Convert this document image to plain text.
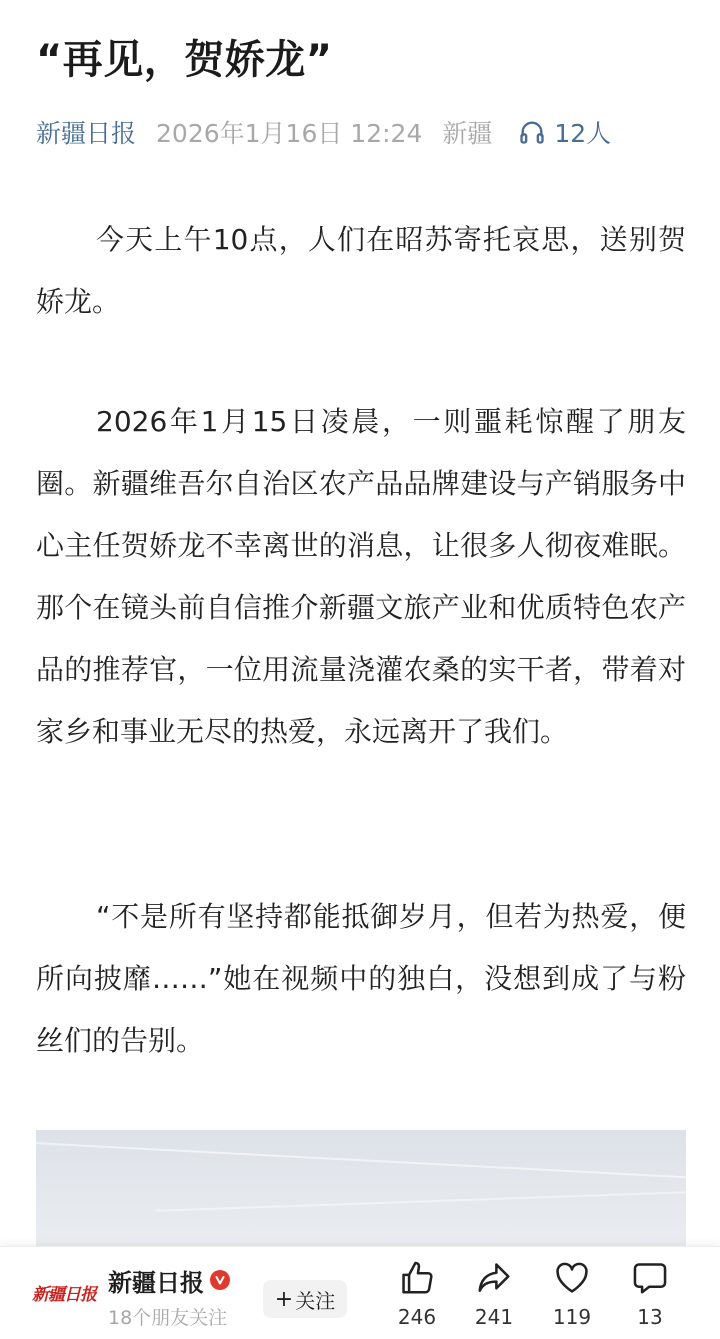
“再见，贺娇龙”
新疆日报 2026年1月16日 12:24 新疆 12人

今天上午10点，人们在昭苏寄托哀思，送别贺娇龙。

2026年1月15日凌晨，一则噩耗惊醒了朋友圈。新疆维吾尔自治区农产品品牌建设与产销服务中心主任贺娇龙不幸离世的消息，让很多人彻夜难眠。那个在镜头前自信推介新疆文旅产业和优质特色农产品的推荐官，一位用流量浇灌农桑的实干者，带着对家乡和事业无尽的热爱，永远离开了我们。

“不是所有坚持都能抵御岁月，但若为热爱，便所向披靡……”她在视频中的独白，没想到成了与粉丝们的告别。

新疆日报 新疆日报
18个朋友关注
+ 关注
246 241 119 13
